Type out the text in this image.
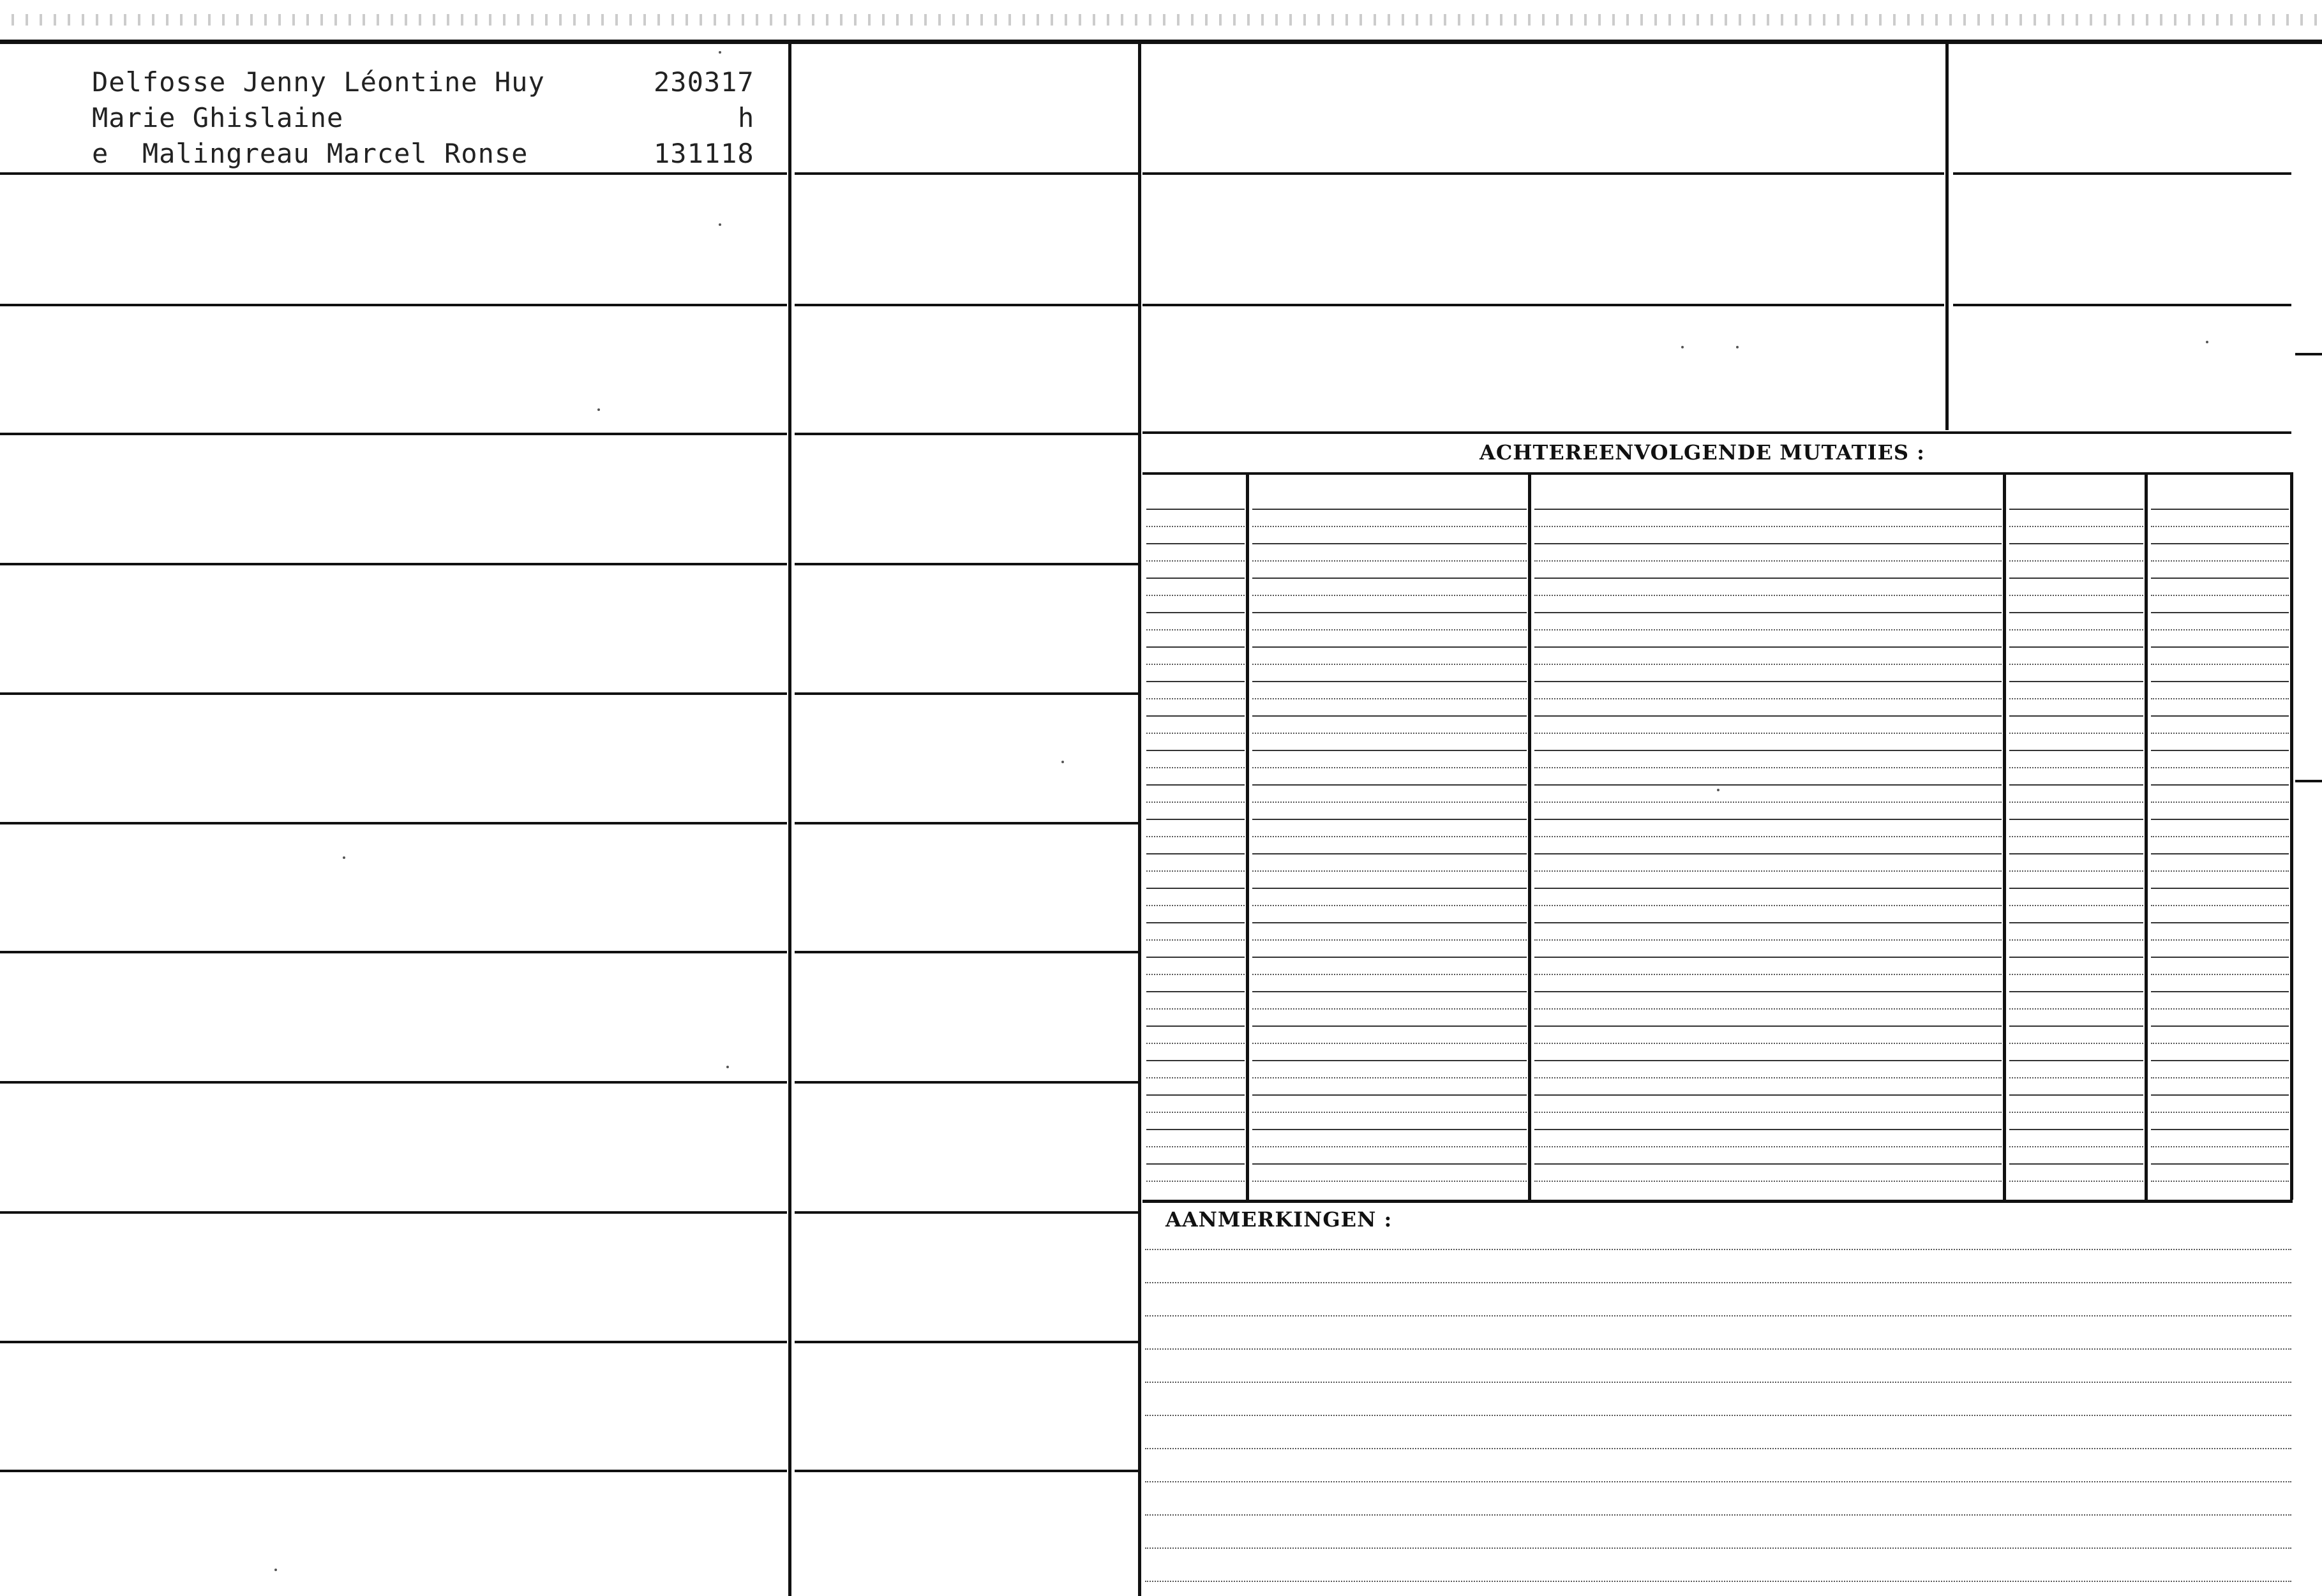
Delfosse Jenny Léontine Huy	230317
Marie Ghislaine	h
e  Malingreau Marcel Ronse	131118
ACHTEREENVOLGENDE MUTATIES :
AANMERKINGEN :
